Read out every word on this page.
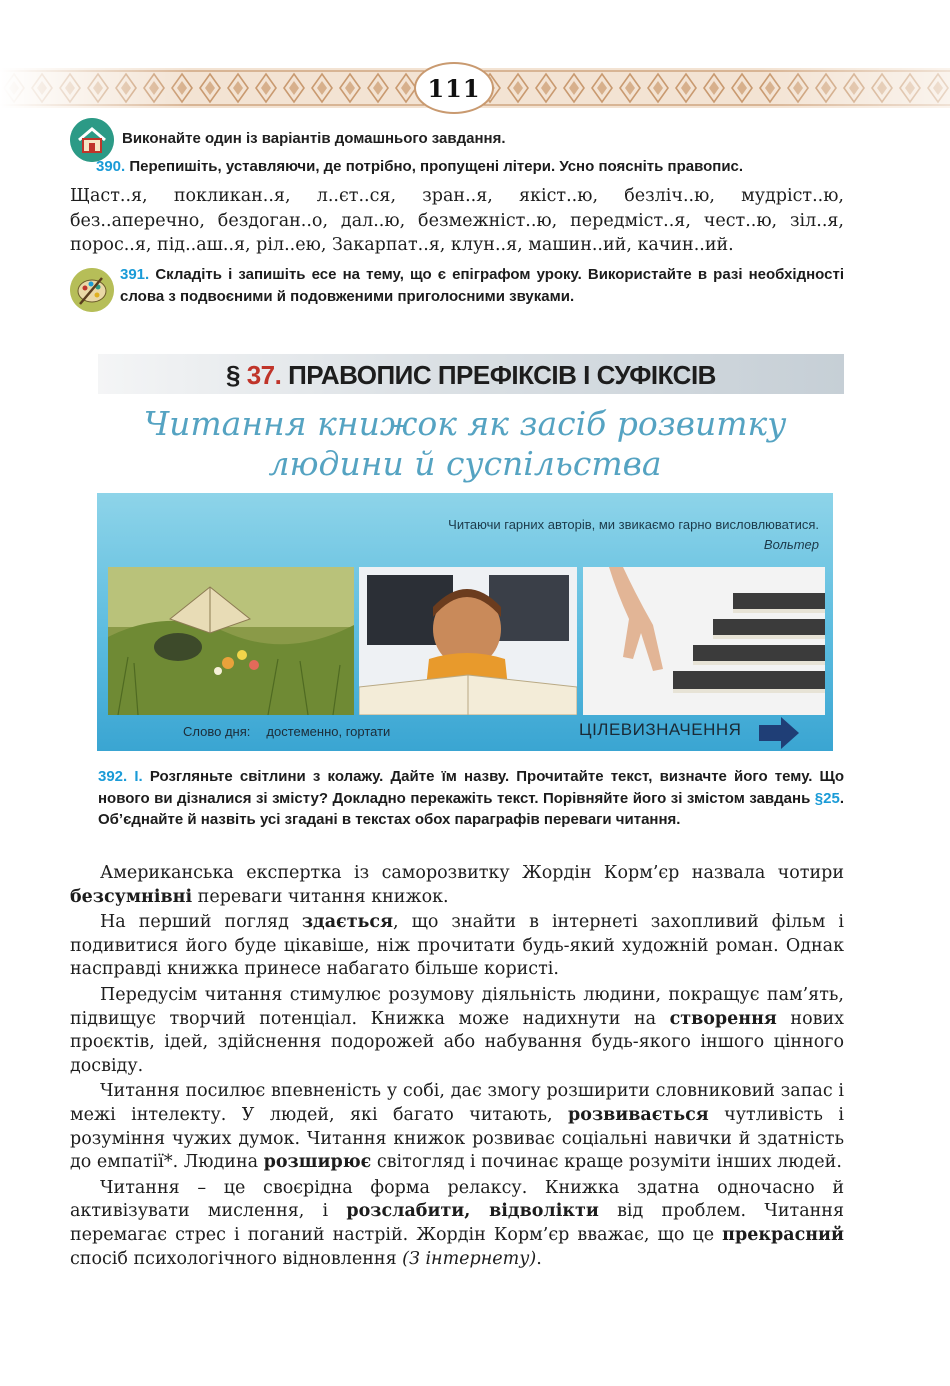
111
Виконайте один із варіантів домашнього завдання.
390. Перепишіть, уставляючи, де потрібно, пропущені літери. Усно поясніть правопис.
Щаст..я, покликан..я, л..єт..ся, зран..я, якіст..ю, безліч..ю, мудріст..ю, без..аперечно, бездоган..о, дал..ю, безмежніст..ю, передміст..я, чест..ю, зіл..я, порос..я, під..аш..я, ріл..ею, Закарпат..я, клун..я, машин..ий, качин..ий.
391. Складіть і запишіть есе на тему, що є епіграфом уроку. Використайте в разі необхідності слова з подвоєними й подовженими приголосними звуками.
§ 37. ПРАВОПИС ПРЕФІКСІВ І СУФІКСІВ
Читання книжок як засіб розвитку
людини й суспільства
Читаючи гарних авторів, ми звикаємо гарно висловлюватися.
Вольтер
Слово дня: достеменно, гортати	ЦІЛЕВИЗНАЧЕННЯ
392. I. Розгляньте світлини з колажу. Дайте їм назву. Прочитайте текст, визначте його тему. Що нового ви дізналися зі змісту? Докладно перекажіть текст. Порівняйте його зі змістом завдань §25. Об’єднайте й назвіть усі згадані в текстах обох параграфів переваги читання.

Американська експертка із саморозвитку Жордін Корм’єр назвала чотири безсумнівні переваги читання книжок.

На перший погляд здається, що знайти в інтернеті захопливий фільм і подивитися його буде цікавіше, ніж прочитати будь-який художній роман. Однак насправді книжка принесе набагато більше користі.

Передусім читання стимулює розумову діяльність людини, покращує пам’ять, підвищує творчий потенціал. Книжка може надихнути на створення нових проєктів, ідей, здійснення подорожей або набування будь-якого іншого цінного досвіду.

Читання посилює впевненість у собі, дає змогу розширити словниковий запас і межі інтелекту. У людей, які багато читають, розвивається чутливість і розуміння чужих думок. Читання книжок розвиває соціальні навички й здатність до емпатії*. Людина розширює світогляд і починає краще розуміти інших людей.

Читання – це своєрідна форма релаксу. Книжка здатна одночасно й активізувати мислення, і розслабити, відволікти від проблем. Читання перемагає стрес і поганий настрій. Жордін Корм’єр вважає, що це прекрасний спосіб психологічного відновлення (З інтернету).
